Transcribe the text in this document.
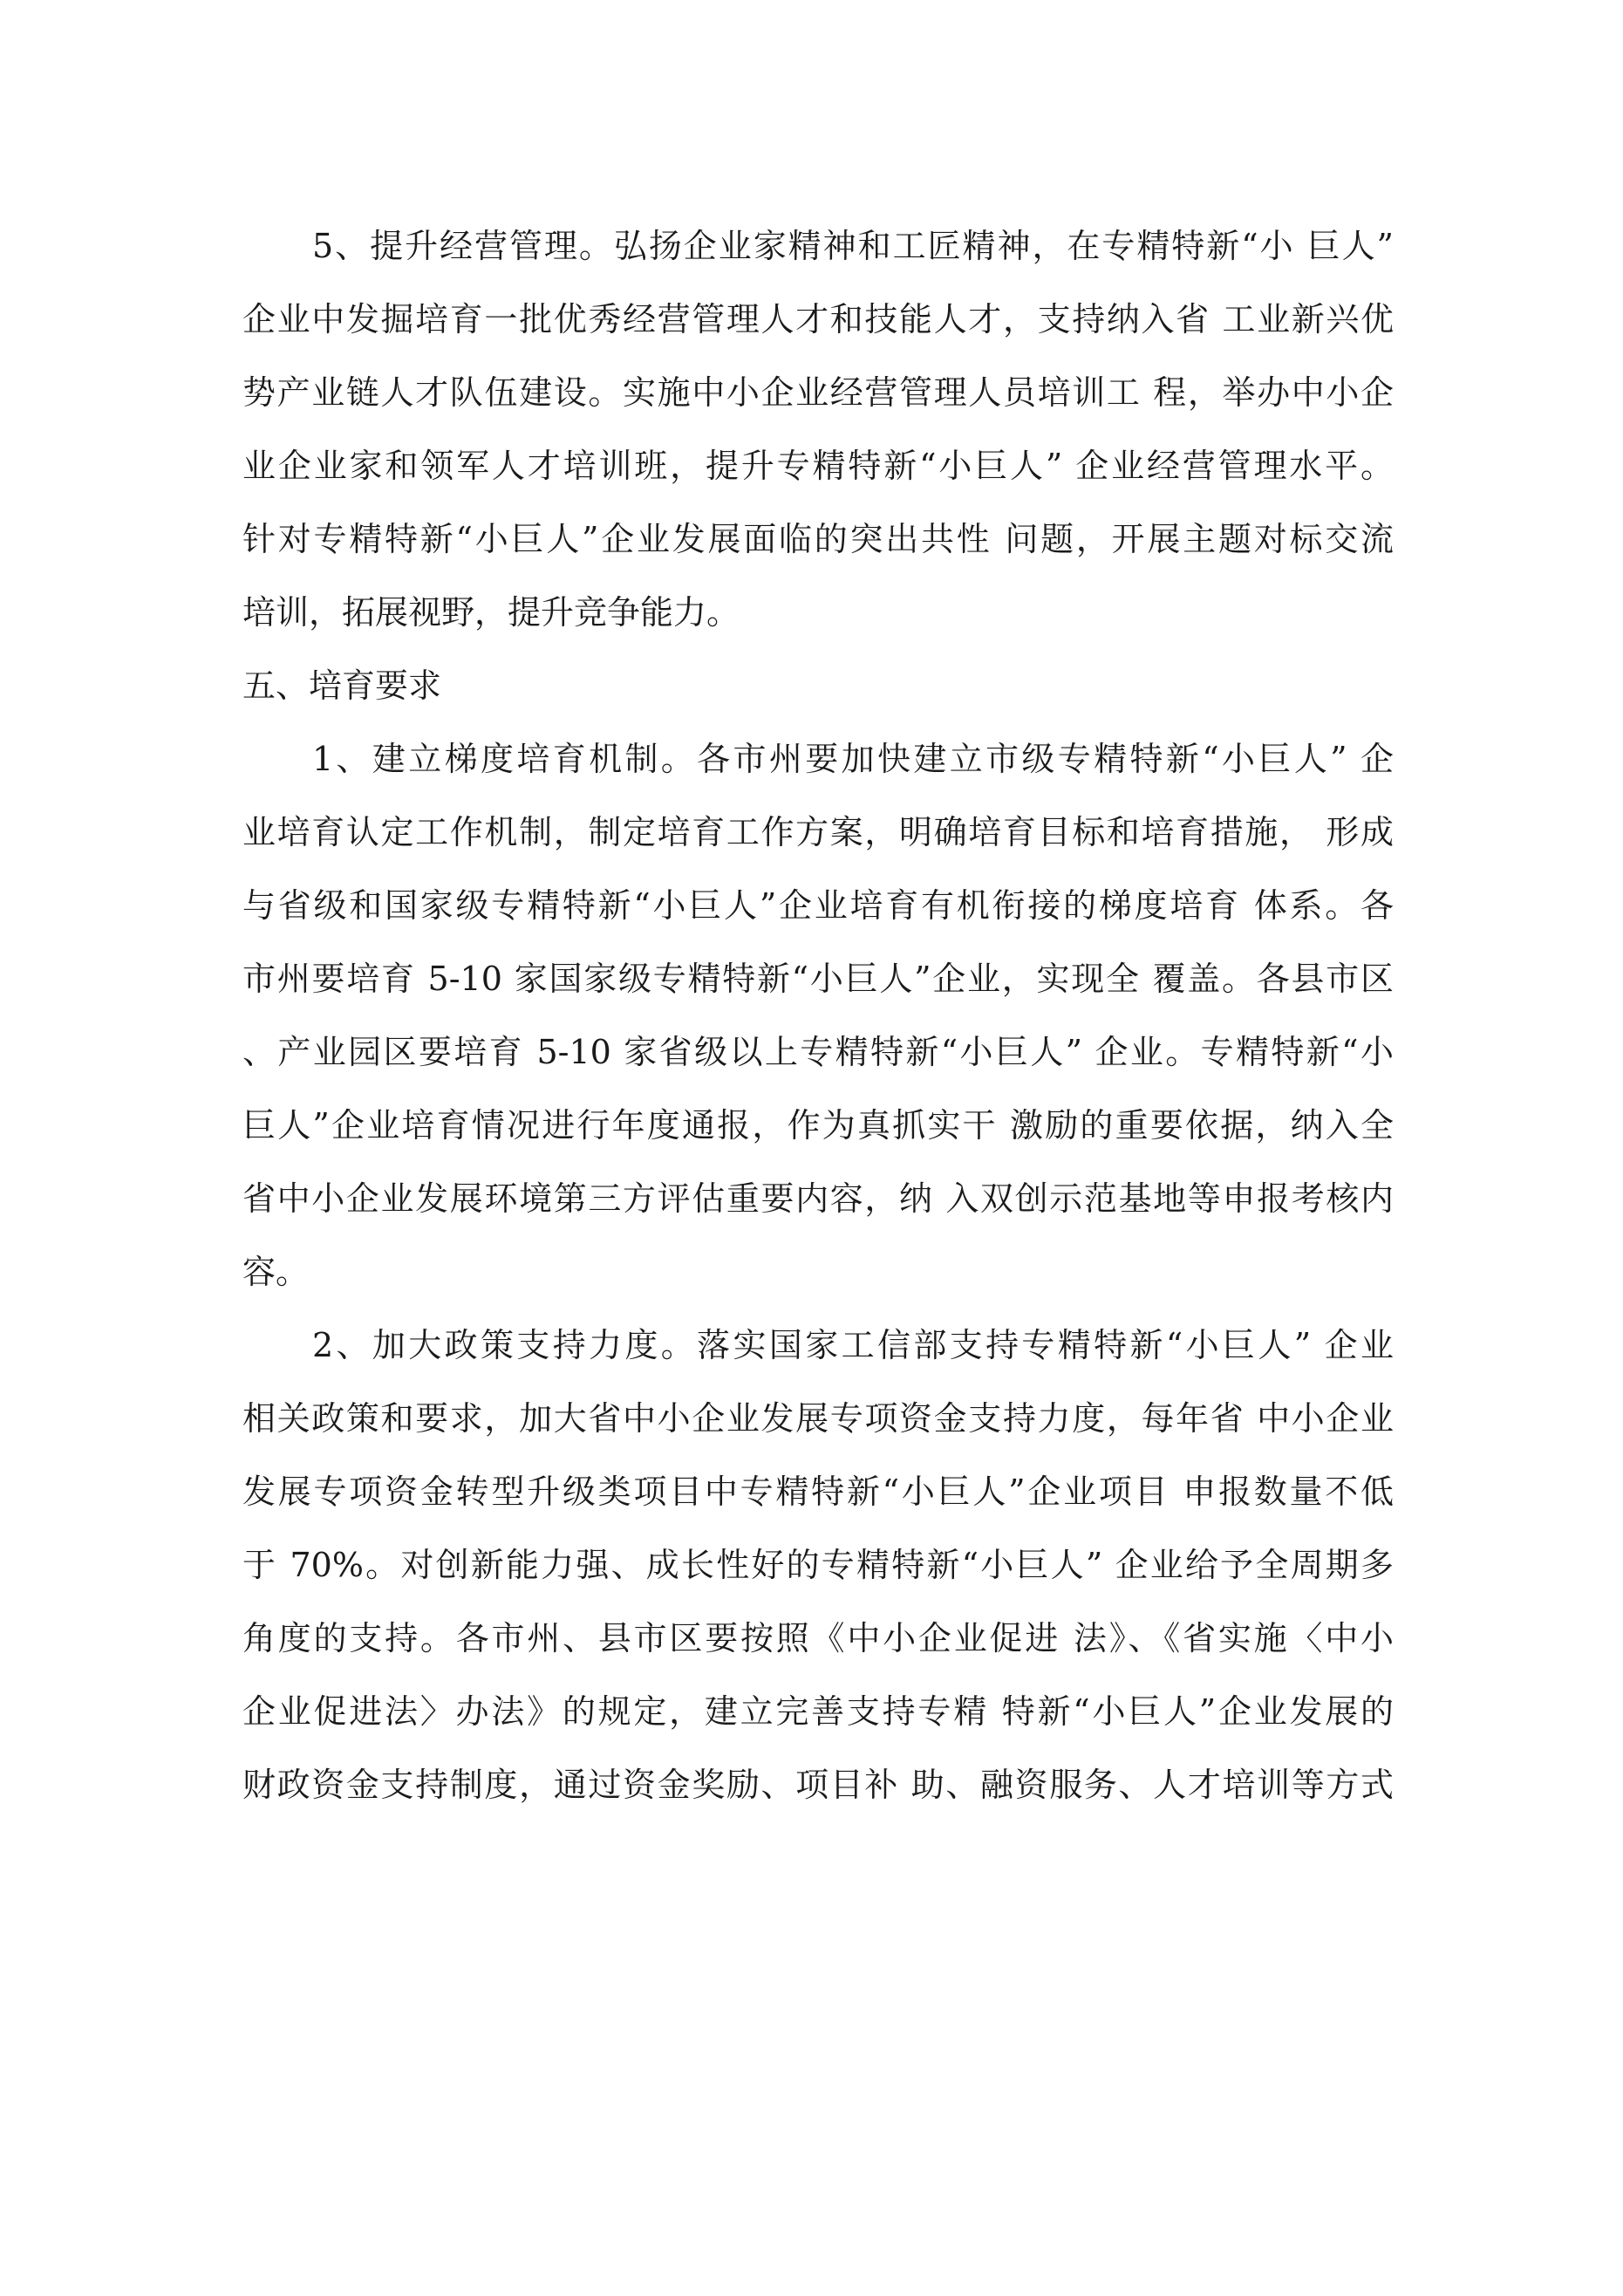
5、提升经营管理。弘扬企业家精神和工匠精神，在专精特新“小 巨人”
企业中发掘培育一批优秀经营管理人才和技能人才，支持纳入省 工业新兴优
势产业链人才队伍建设。实施中小企业经营管理人员培训工 程，举办中小企
业企业家和领军人才培训班，提升专精特新“小巨人” 企业经营管理水平。
针对专精特新“小巨人”企业发展面临的突出共性 问题，开展主题对标交流
培训，拓展视野，提升竞争能力。
五、培育要求
1、建立梯度培育机制。各市州要加快建立市级专精特新“小巨人” 企
业培育认定工作机制，制定培育工作方案，明确培育目标和培育措施， 形成
与省级和国家级专精特新“小巨人”企业培育有机衔接的梯度培育 体系。各
市州要培育 5-10 家国家级专精特新“小巨人”企业，实现全 覆盖。各县市区
、产业园区要培育 5-10 家省级以上专精特新“小巨人” 企业。专精特新“小
巨人”企业培育情况进行年度通报，作为真抓实干 激励的重要依据，纳入全
省中小企业发展环境第三方评估重要内容，纳 入双创示范基地等申报考核内
容。
2、加大政策支持力度。落实国家工信部支持专精特新“小巨人” 企业
相关政策和要求，加大省中小企业发展专项资金支持力度，每年省 中小企业
发展专项资金转型升级类项目中专精特新“小巨人”企业项目 申报数量不低
于 70%。对创新能力强、成长性好的专精特新“小巨人” 企业给予全周期多
角度的支持。各市州、县市区要按照《中小企业促进 法》、《省实施〈中小
企业促进法〉办法》的规定，建立完善支持专精 特新“小巨人”企业发展的
财政资金支持制度，通过资金奖励、项目补 助、融资服务、人才培训等方式
